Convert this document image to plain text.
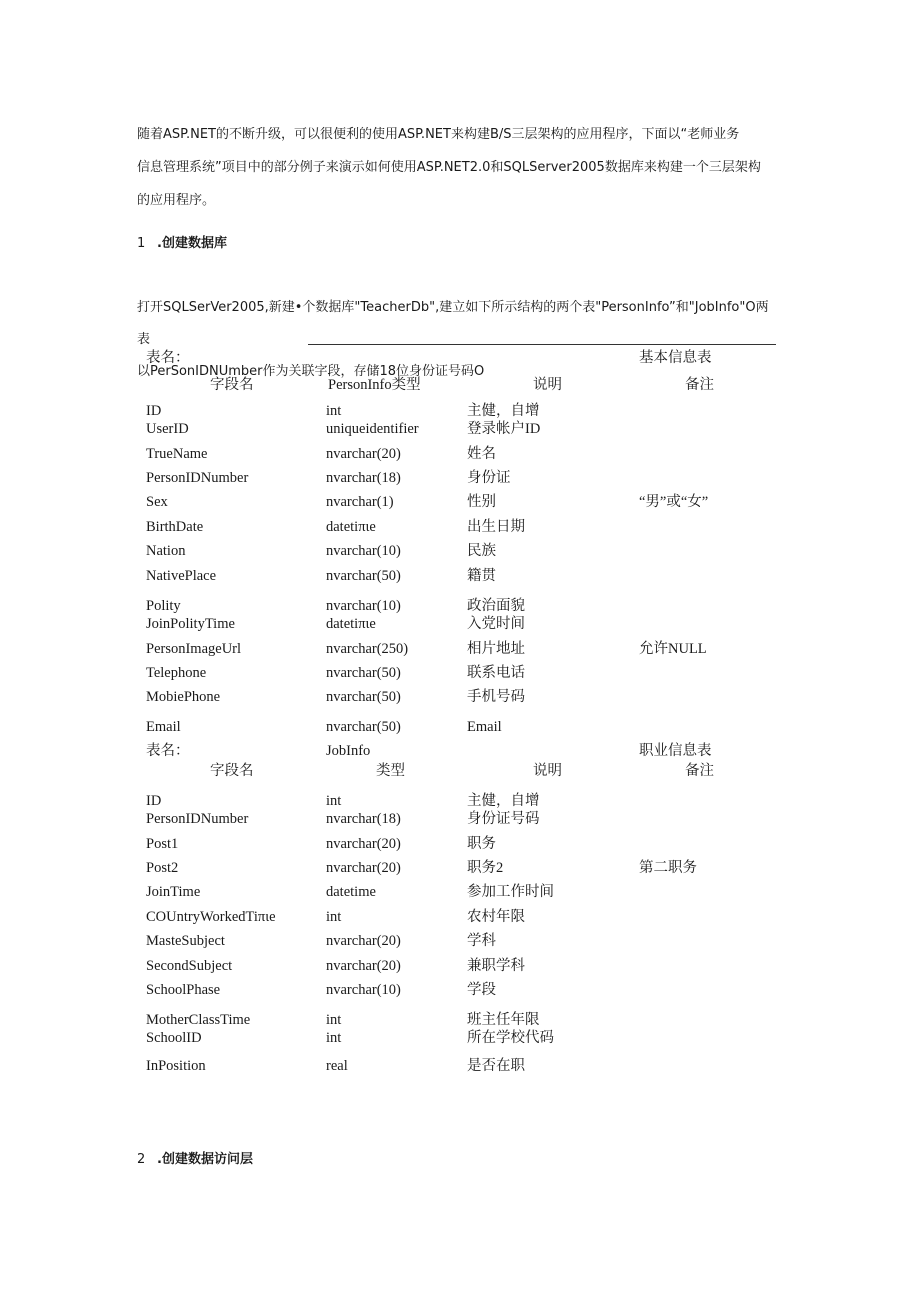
随着ASP.NET的不断升级，可以很便利的使用ASP.NET来构建B/S三层架构的应用程序，下面以“老师业务
信息管理系统”项目中的部分例子来演示如何使用ASP.NET2.0和SQLServer2005数据库来构建一个三层架构
的应用程序。
1 .创建数据库
打开SQLSerVer2005,新建•个数据库"TeacherDb",建立如下所示结构的两个表"PersonInfo”和"JobInfo"O两表
以PerSonIDNUmber作为关联字段，存储18位身份证号码O
表名：	基本信息表
字段名	PersonInfo类型	说明	备注
ID	int	主健，自增
UserID	uniqueidentifier	登录帐户ID
TrueName	nvarchar(20)	姓名
PersonIDNumber	nvarchar(18)	身份证
Sex	nvarchar(1)	性别	“男”或“女”
BirthDate	datetiπιe	出生日期
Nation	nvarchar(10)	民族
NativePlace	nvarchar(50)	籍贯
Polity	nvarchar(10)	政治面貌
JoinPolityTime	datetiπιe	入党时间
PersonImageUrl	nvarchar(250)	相片地址	允许NULL
Telephone	nvarchar(50)	联系电话
MobiePhone	nvarchar(50)	手机号码
Email	nvarchar(50)	Email
表名：	JobInfo	职业信息表
字段名	类型	说明	备注
ID	int	主健，自增
PersonIDNumber	nvarchar(18)	身份证号码
Post1	nvarchar(20)	职务
Post2	nvarchar(20)	职务2	第二职务
JoinTime	datetime	参加工作时间
COUntryWorkedTiπιe	int	农村年限
MasteSubject	nvarchar(20)	学科
SecondSubject	nvarchar(20)	兼职学科
SchoolPhase	nvarchar(10)	学段
MotherClassTime	int	班主任年限
SchoolID	int	所在学校代码
InPosition	real	是否在职
2 .创建数据访问层
